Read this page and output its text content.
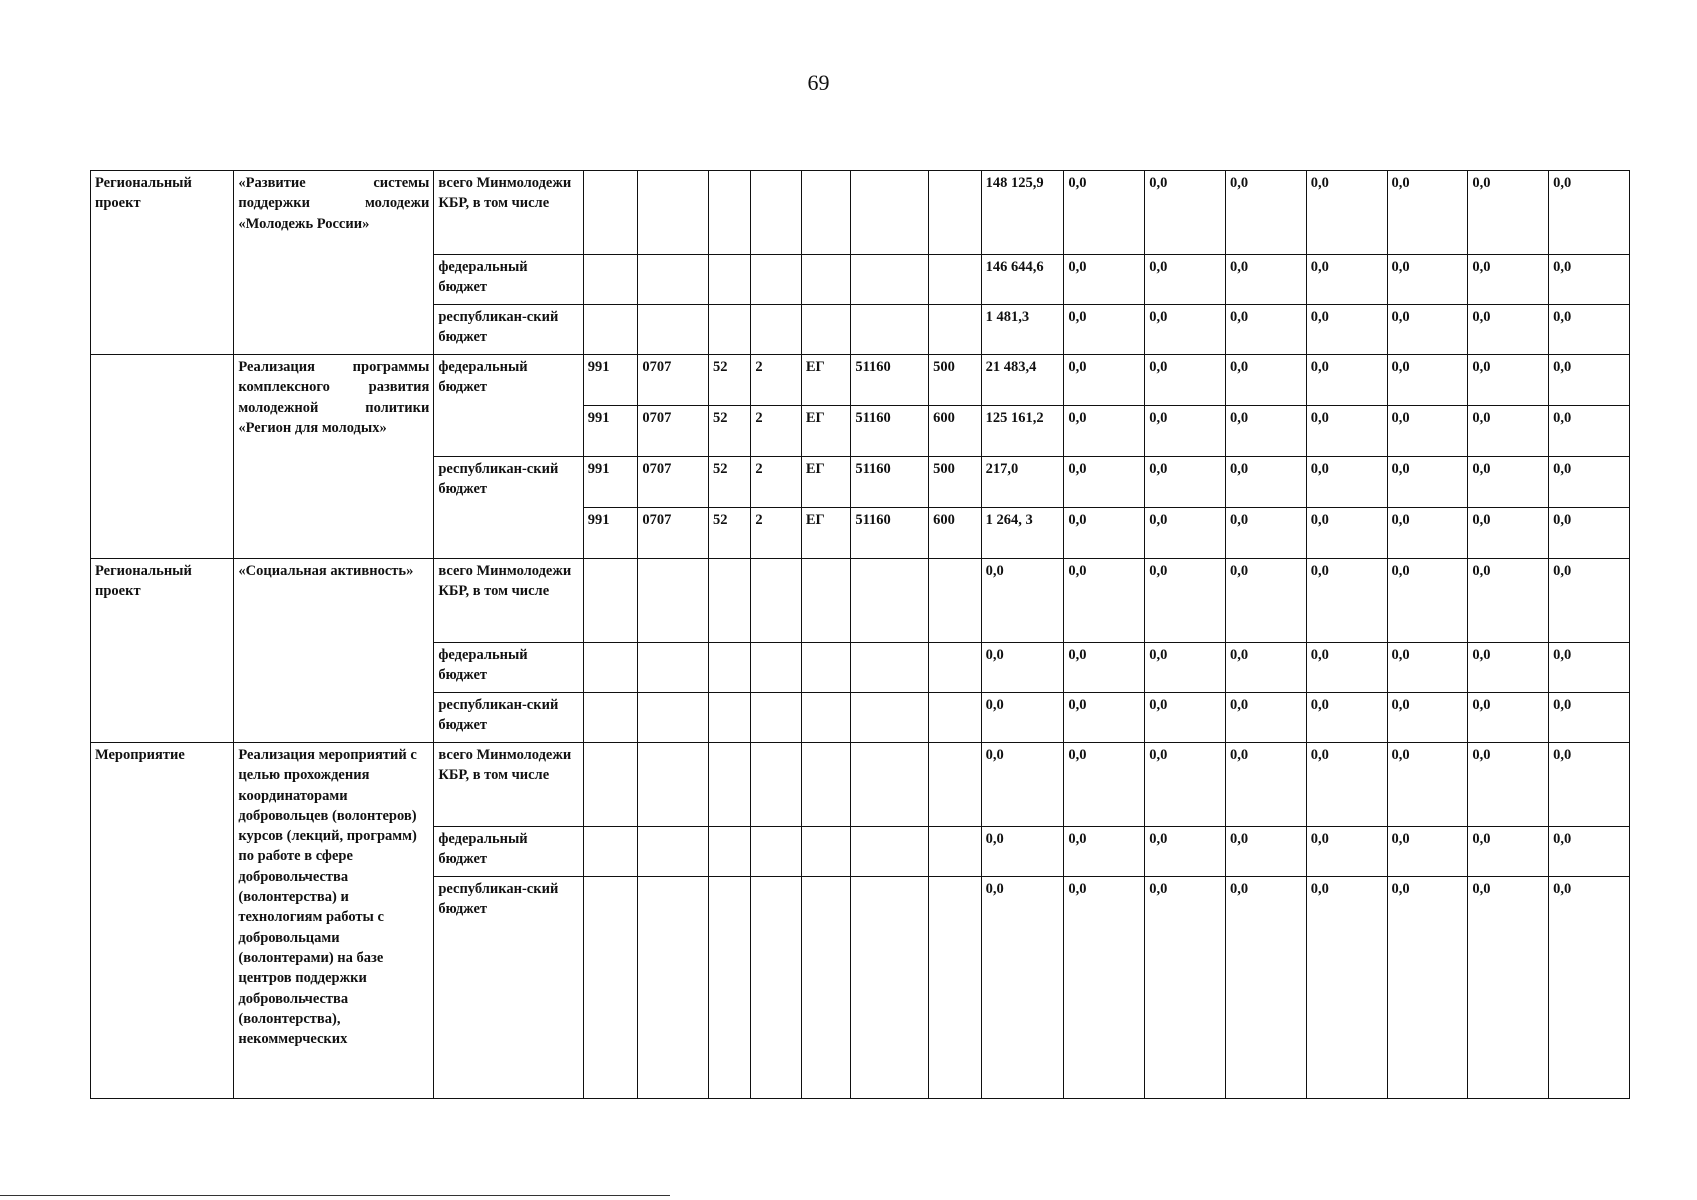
69
Региональный проект	«Развитие системы поддержки молодежи «Молодежь России»	всего Минмолодежи КБР, в том числе								148 125,9	0,0	0,0	0,0	0,0	0,0	0,0	0,0
		федеральный бюджет								146 644,6	0,0	0,0	0,0	0,0	0,0	0,0	0,0
		республикан-ский бюджет								1 481,3	0,0	0,0	0,0	0,0	0,0	0,0	0,0
	Реализация программы комплексного развития молодежной политики «Регион для молодых»	федеральный бюджет	991	0707	52	2	ЕГ	51160	500	21 483,4	0,0	0,0	0,0	0,0	0,0	0,0	0,0
			991	0707	52	2	ЕГ	51160	600	125 161,2	0,0	0,0	0,0	0,0	0,0	0,0	0,0
		республикан-ский бюджет	991	0707	52	2	ЕГ	51160	500	217,0	0,0	0,0	0,0	0,0	0,0	0,0	0,0
			991	0707	52	2	ЕГ	51160	600	1 264, 3	0,0	0,0	0,0	0,0	0,0	0,0	0,0
Региональный проект	«Социальная активность»	всего Минмолодежи КБР, в том числе								0,0	0,0	0,0	0,0	0,0	0,0	0,0	0,0
		федеральный бюджет								0,0	0,0	0,0	0,0	0,0	0,0	0,0	0,0
		республикан-ский бюджет								0,0	0,0	0,0	0,0	0,0	0,0	0,0	0,0
Мероприятие	Реализация мероприятий с целью прохождения координаторами добровольцев (волонтеров) курсов (лекций, программ) по работе в сфере добровольчества (волонтерства) и технологиям работы с добровольцами (волонтерами) на базе центров поддержки добровольчества (волонтерства), некоммерческих	всего Минмолодежи КБР, в том числе								0,0	0,0	0,0	0,0	0,0	0,0	0,0	0,0
		федеральный бюджет								0,0	0,0	0,0	0,0	0,0	0,0	0,0	0,0
		республикан-ский бюджет								0,0	0,0	0,0	0,0	0,0	0,0	0,0	0,0
